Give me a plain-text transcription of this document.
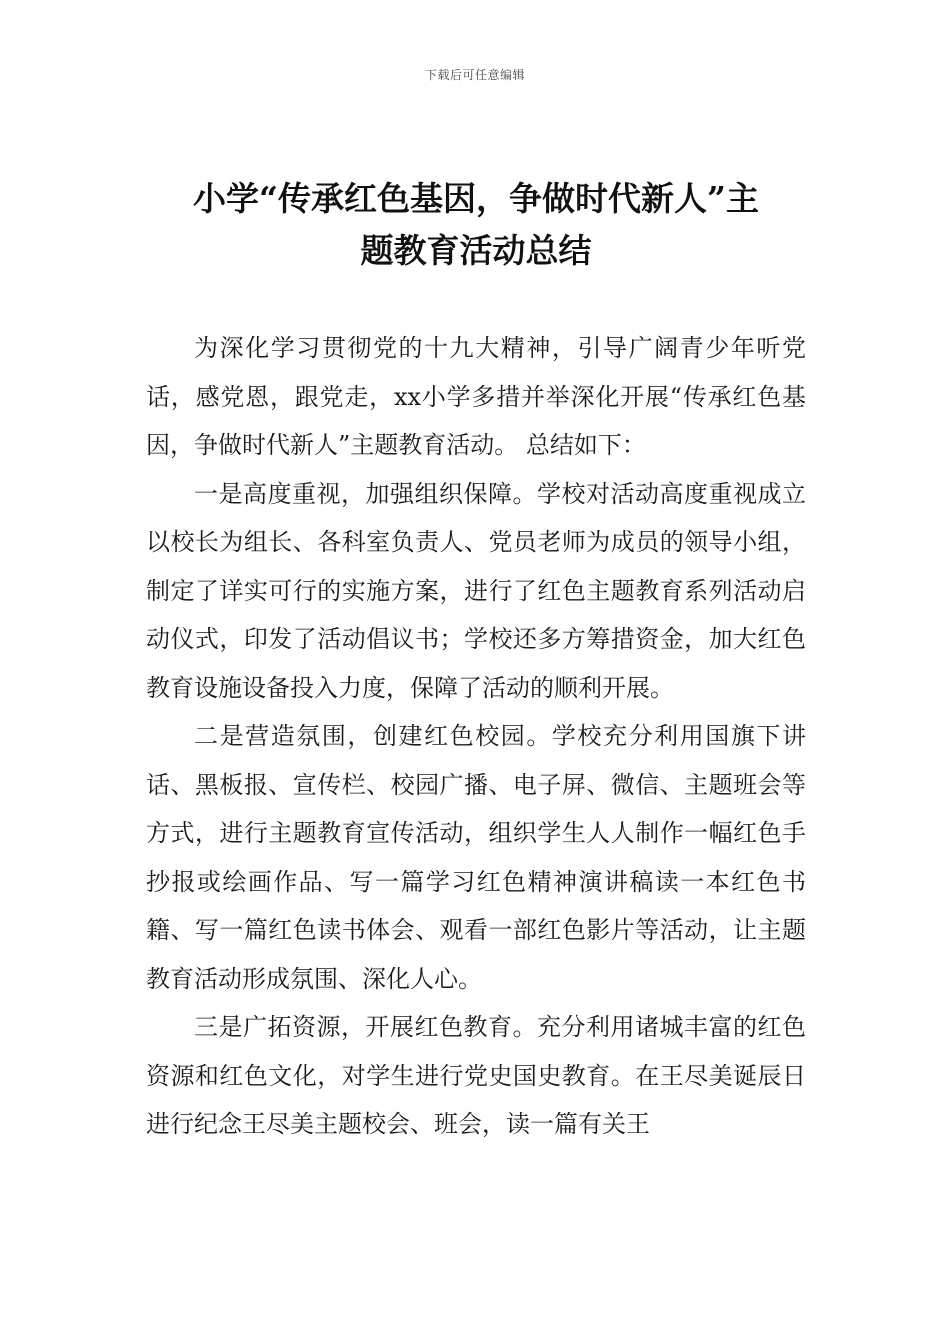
下载后可任意编辑
小学“传承红色基因，争做时代新人”主
题教育活动总结

为深化学习贯彻党的十九大精神，引导广阔青少年听党话，感党恩，跟党走，xx小学多措并举深化开展“传承红色基因，争做时代新人”主题教育活动。 总结如下：

一是高度重视，加强组织保障。学校对活动高度重视成立以校长为组长、各科室负责人、党员老师为成员的领导小组，制定了详实可行的实施方案，进行了红色主题教育系列活动启动仪式，印发了活动倡议书；学校还多方筹措资金，加大红色教育设施设备投入力度，保障了活动的顺利开展。

二是营造氛围，创建红色校园。学校充分利用国旗下讲话、黑板报、宣传栏、校园广播、电子屏、微信、主题班会等方式，进行主题教育宣传活动，组织学生人人制作一幅红色手抄报或绘画作品、写一篇学习红色精神演讲稿读一本红色书籍、写一篇红色读书体会、观看一部红色影片等活动，让主题教育活动形成氛围、深化人心。

三是广拓资源，开展红色教育。充分利用诸城丰富的红色资源和红色文化，对学生进行党史国史教育。在王尽美诞辰日进行纪念王尽美主题校会、班会，读一篇有关王
